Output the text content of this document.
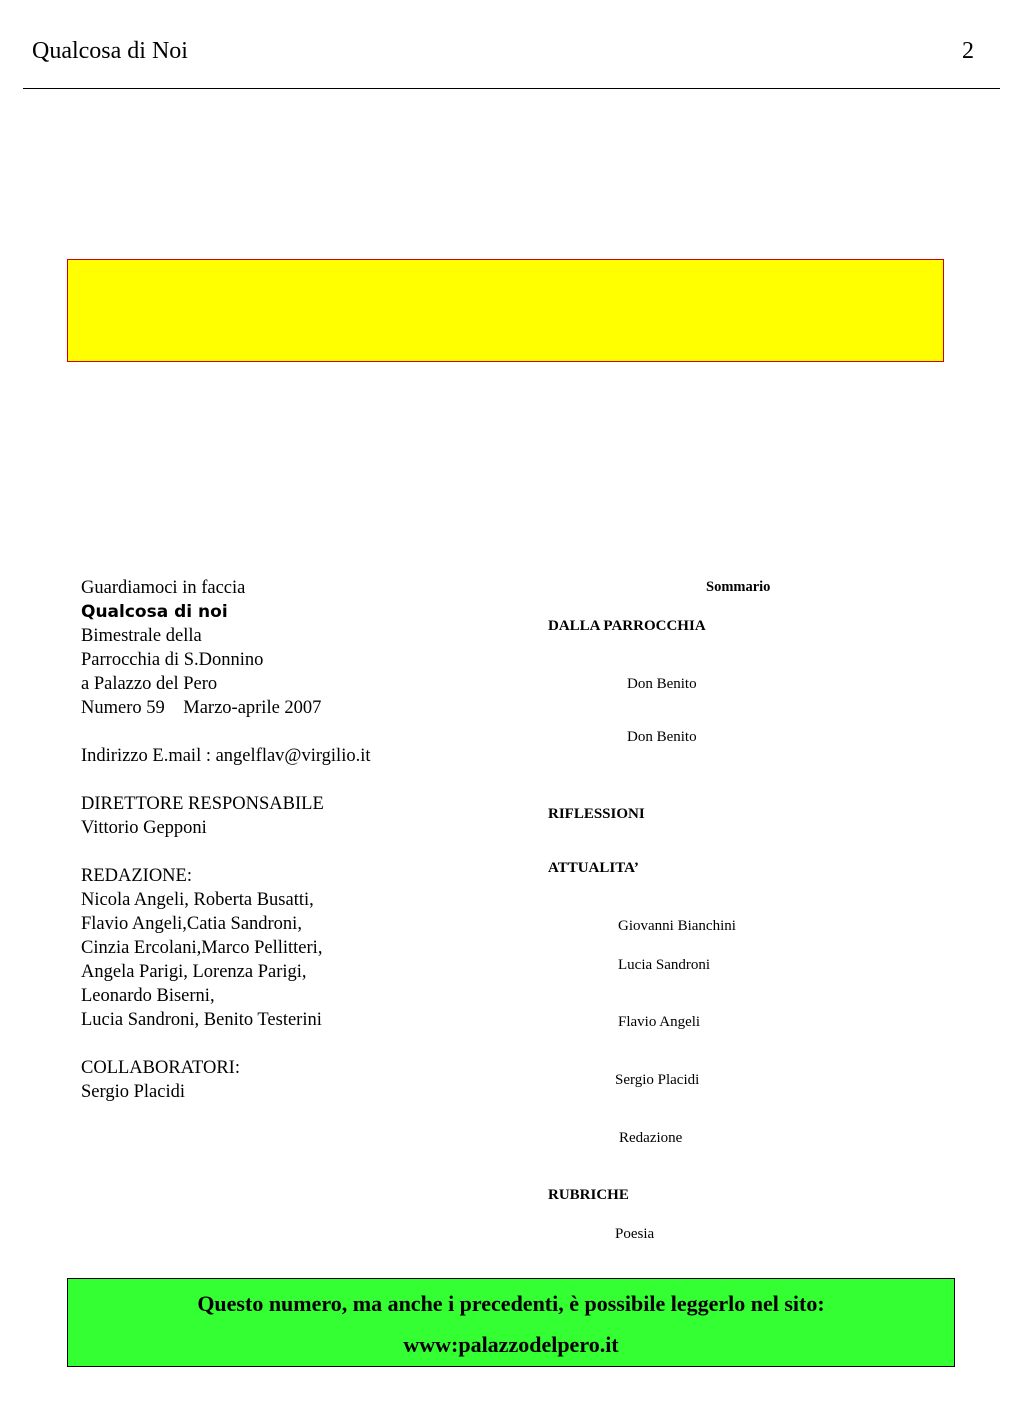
Qualcosa di Noi	2
Guardiamoci in faccia
Qualcosa di noi
Bimestrale della
Parrocchia di S.Donnino
a Palazzo del Pero
Numero 59    Marzo-aprile 2007
Indirizzo E.mail : angelflav@virgilio.it
DIRETTORE RESPONSABILE
Vittorio Gepponi
REDAZIONE:
Nicola Angeli, Roberta Busatti,
Flavio Angeli,Catia Sandroni,
Cinzia Ercolani,Marco Pellitteri,
Angela Parigi, Lorenza Parigi,
Leonardo Biserni,
Lucia Sandroni, Benito Testerini
COLLABORATORI:
Sergio Placidi
Sommario
DALLA PARROCCHIA
Don Benito
Don Benito
RIFLESSIONI
ATTUALITA’
Giovanni Bianchini
Lucia Sandroni
Flavio Angeli
Sergio Placidi
Redazione
RUBRICHE
Poesia
Questo numero, ma anche i precedenti, è possibile leggerlo nel sito:
www:palazzodelpero.it
